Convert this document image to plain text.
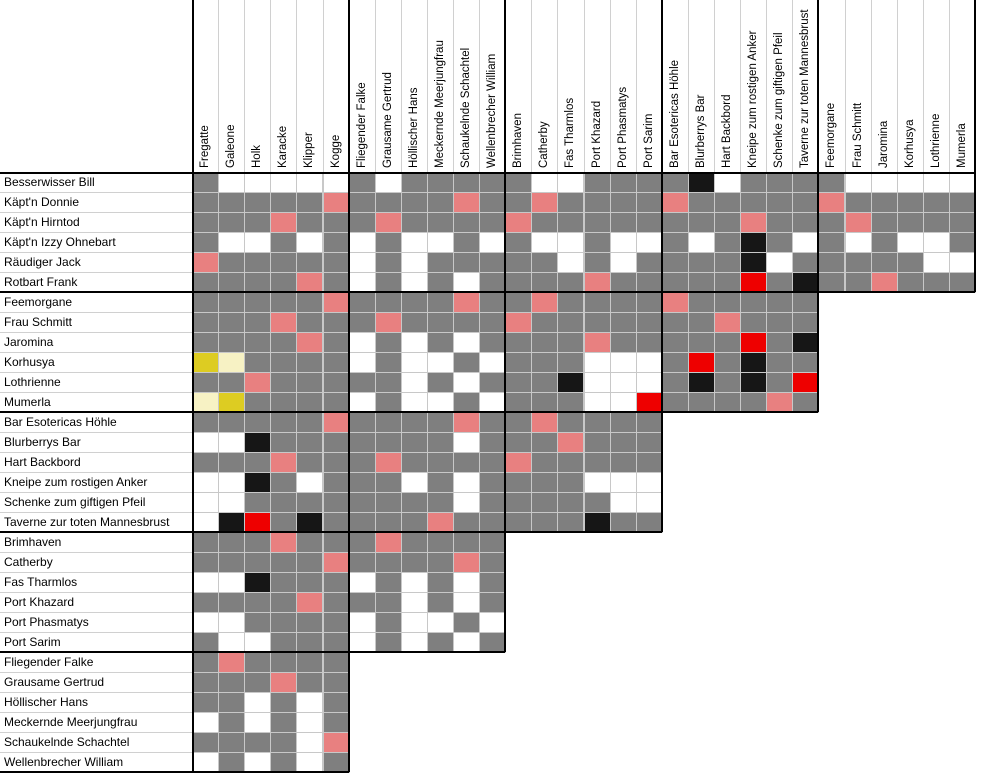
Fregatte Galeone Holk Karacke Klipper Kogge Fliegender Falke Grausame Gertrud Höllischer Hans Meckernde Meerjungfrau Schaukelnde Schachtel Wellenbrecher William Brimhaven Catherby Fas Tharmlos Port Khazard Port Phasmatys Port Sarim Bar Esotericas Höhle Blurberrys Bar Hart Backbord Kneipe zum rostigen Anker Schenke zum giftigen Pfeil Taverne zur toten Mannesbrust Feemorgane Frau Schmitt Jaromina Korhusya Lothrienne Mumerla
Besserwisser Bill
Käpt'n Donnie
Käpt'n Hirntod
Käpt'n Izzy Ohnebart
Räudiger Jack
Rotbart Frank
Feemorgane
Frau Schmitt
Jaromina
Korhusya
Lothrienne
Mumerla
Bar Esotericas Höhle
Blurberrys Bar
Hart Backbord
Kneipe zum rostigen Anker
Schenke zum giftigen Pfeil
Taverne zur toten Mannesbrust
Brimhaven
Catherby
Fas Tharmlos
Port Khazard
Port Phasmatys
Port Sarim
Fliegender Falke
Grausame Gertrud
Höllischer Hans
Meckernde Meerjungfrau
Schaukelnde Schachtel
Wellenbrecher William
